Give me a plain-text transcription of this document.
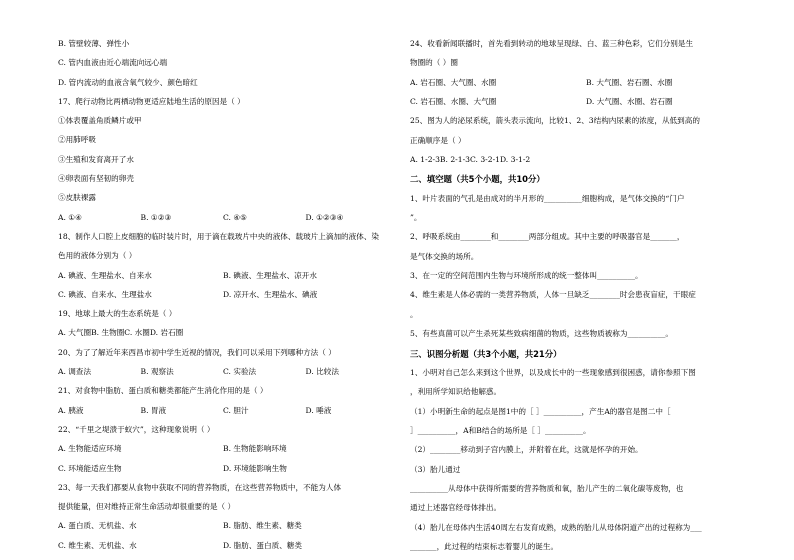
B. 管壁较薄、弹性小
C. 管内血液由近心端流向远心端
D. 管内流动的血液含氧气较少、颜色暗红
17、爬行动物比两栖动物更适应陆地生活的原因是（ ）
①体表覆盖角质鳞片或甲
②用肺呼吸
③生殖和发育离开了水
④卵表面有坚韧的卵壳
⑤皮肤裸露
A. ①④	B. ①②③	C. ④⑤	D. ①②③④
18、制作人口腔上皮细胞的临时装片时，用于滴在载玻片中央的液体、载玻片上滴加的液体、染
色用的液体分别为（ ）
A. 碘液、生理盐水、自来水	B. 碘液、生理盐水、凉开水
C. 碘液、自来水、生理盐水	D. 凉开水、生理盐水、碘液
19、地球上最大的生态系统是（ ）
A. 大气圈B. 生物圈C. 水圈D. 岩石圈
20、为了了解近年来西昌市初中学生近视的情况，我们可以采用下列哪种方法（ ）
A. 调查法	B. 观察法	C. 实验法	D. 比较法
21、对食物中脂肪、蛋白质和糖类都能产生消化作用的是（ ）
A. 胰液	B. 胃液	C. 胆汁	D. 唾液
22、“千里之堤溃于蚁穴”，这种现象说明（ ）
A. 生物能适应环境	B. 生物能影响环境
C. 环境能适应生物	D. 环境能影响生物
23、每一天我们都要从食物中获取不同的营养物质，在这些营养物质中，不能为人体
提供能量，但对维持正常生命活动却很重要的是（ ）
A. 蛋白质、无机盐、水	B. 脂肪、维生素、糖类
C. 维生素、无机盐、水	D. 脂肪、蛋白质、糖类
24、收看新闻联播时，首先看到转动的地球呈现绿、白、蓝三种色彩，它们分别是生
物圈的（ ）圈
A. 岩石圈、大气圈、水圈	B. 大气圈、岩石圈、水圈
C. 岩石圈、水圈、大气圈	D. 大气圈、水圈、岩石圈
25、图为人的泌尿系统，箭头表示流向，比较1、2、3结构内尿素的浓度，从低到高的
正确顺序是（ ）
A. 1-2-3B. 2-1-3C. 3-2-1D. 3-1-2
二、填空题（共5个小题，共10分）
1、叶片表面的气孔是由成对的半月形的__________细胞构成，是气体交换的“门户
”。
2、呼吸系统由________和________两部分组成。其中主要的呼吸器官是_______，
是气体交换的场所。
3、在一定的空间范围内生物与环境所形成的统一整体叫__________。
4、维生素是人体必需的一类营养物质，人体一旦缺乏________时会患夜盲症，干眼症
。
5、有些真菌可以产生杀死某些致病细菌的物质，这些物质被称为__________。
三、识图分析题（共3个小题，共21分）
1、小明对自己怎么来到这个世界，以及成长中的一些现象感到很困惑，请你参照下图
，利用所学知识给他解惑。
（1）小明新生命的起点是图1中的［ ］__________，产生A的器官是图二中［
］__________，A和B结合的场所是［ ］__________。
（2）________移动到子宫内膜上，并附着在此，这就是怀孕的开始。
（3）胎儿通过
__________从母体中获得所需要的营养物质和氧，胎儿产生的二氧化碳等废物，也
通过上述器官经母体排出。
（4）胎儿在母体内生活40周左右发育成熟，成熟的胎儿从母体阴道产出的过程称为___
_______，此过程的结束标志着婴儿的诞生。
